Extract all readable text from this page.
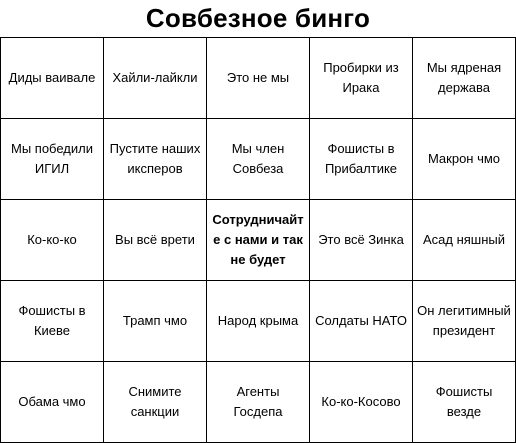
Совбезное бинго
Диды ваивале	Хайли-лайкли	Это не мы	Пробирки из Ирака	Мы ядреная держава
Мы победили ИГИЛ	Пустите наших иксперов	Мы член Совбеза	Фошисты в Прибалтике	Макрон чмо
Ко-ко-ко	Вы всё врети	Сотрудничайте с нами и так не будет	Это всё Зинка	Асад няшный
Фошисты в Киеве	Трамп чмо	Народ крыма	Солдаты НАТО	Он легитимный президент
Обама чмо	Снимите санкции	Агенты Госдепа	Ко-ко-Косово	Фошисты везде
